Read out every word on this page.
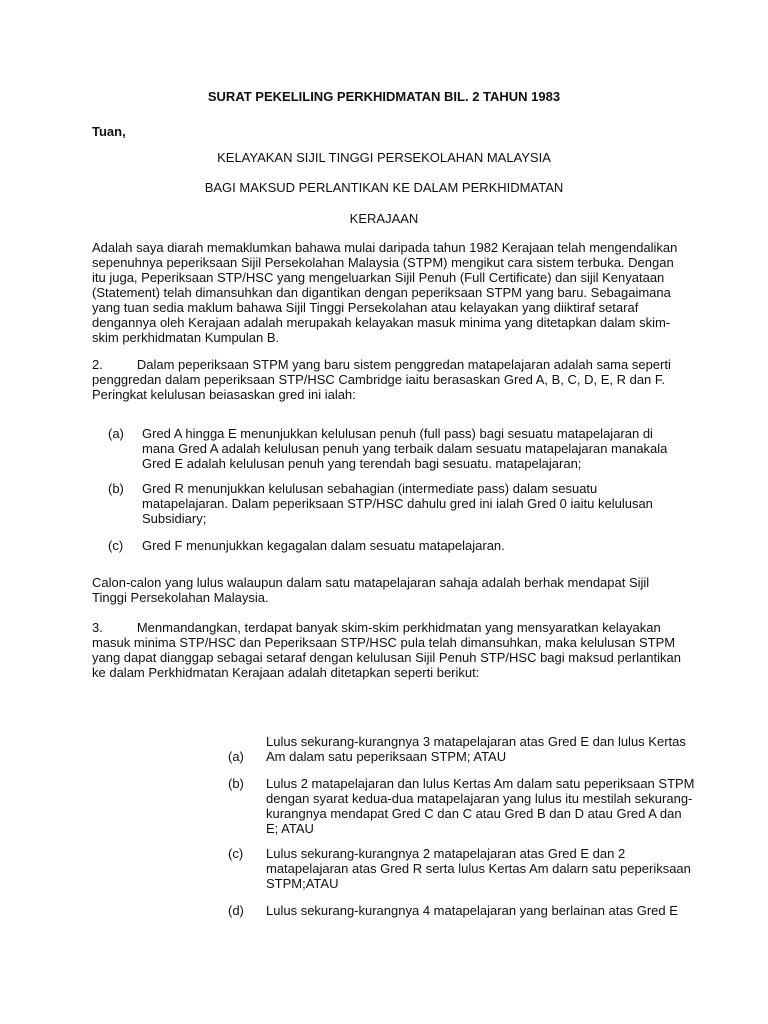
SURAT PEKELILING PERKHIDMATAN BIL. 2 TAHUN 1983
Tuan,
KELAYAKAN SIJIL TINGGI PERSEKOLAHAN MALAYSIA
BAGI MAKSUD PERLANTIKAN KE DALAM PERKHIDMATAN
KERAJAAN
Adalah saya diarah memaklumkan bahawa mulai daripada tahun 1982 Kerajaan telah mengendalikan sepenuhnya peperiksaan Sijil Persekolahan Malaysia (STPM) mengikut cara sistem terbuka. Dengan itu juga, Peperiksaan STP/HSC yang mengeluarkan Sijil Penuh (Full Certificate) dan sijil Kenyataan (Statement) telah dimansuhkan dan digantikan dengan peperiksaan STPM yang baru. Sebagaimana yang tuan sedia maklum bahawa Sijil Tinggi Persekolahan atau kelayakan yang diiktiraf setaraf dengannya oleh Kerajaan adalah merupakah kelayakan masuk minima yang ditetapkan dalam skim-skim perkhidmatan Kumpulan B.
2.	Dalam peperiksaan STPM yang baru sistem penggredan matapelajaran adalah sama seperti penggredan dalam peperiksaan STP/HSC Cambridge iaitu berasaskan Gred A, B, C, D, E, R dan F. Peringkat kelulusan beiasaskan gred ini ialah:
(a)	Gred A hingga E menunjukkan kelulusan penuh (full pass) bagi sesuatu matapelajaran di mana Gred A adalah kelulusan penuh yang terbaik dalam sesuatu matapelajaran manakala Gred E adalah kelulusan penuh yang terendah bagi sesuatu. matapelajaran;
(b)	Gred R menunjukkan kelulusan sebahagian (intermediate pass) dalam sesuatu matapelajaran. Dalam peperiksaan STP/HSC dahulu gred ini ialah Gred 0 iaitu kelulusan Subsidiary;
(c)	Gred F menunjukkan kegagalan dalam sesuatu matapelajaran.
Calon-calon yang lulus walaupun dalam satu matapelajaran sahaja adalah berhak mendapat Sijil Tinggi Persekolahan Malaysia.
3.	Menmandangkan, terdapat banyak skim-skim perkhidmatan yang mensyaratkan kelayakan masuk minima STP/HSC dan Peperiksaan STP/HSC pula telah dimansuhkan, maka kelulusan STPM yang dapat dianggap sebagai setaraf dengan kelulusan Sijil Penuh STP/HSC bagi maksud perlantikan ke dalam Perkhidmatan Kerajaan adalah ditetapkan seperti berikut:
(a)
Lulus sekurang-kurangnya 3 matapelajaran atas Gred E dan lulus Kertas Am dalam satu peperiksaan STPM; ATAU
(b)	Lulus 2 matapelajaran dan lulus Kertas Am dalam satu peperiksaan STPM dengan syarat kedua-dua matapelajaran yang lulus itu mestilah sekurang-kurangnya mendapat Gred C dan C atau Gred B dan D atau Gred A dan E; ATAU
(c)	Lulus sekurang-kurangnya 2 matapelajaran atas Gred E dan 2 matapelajaran atas Gred R serta lulus Kertas Am dalarn satu peperiksaan STPM;ATAU
(d)	Lulus sekurang-kurangnya 4 matapelajaran yang berlainan atas Gred E
